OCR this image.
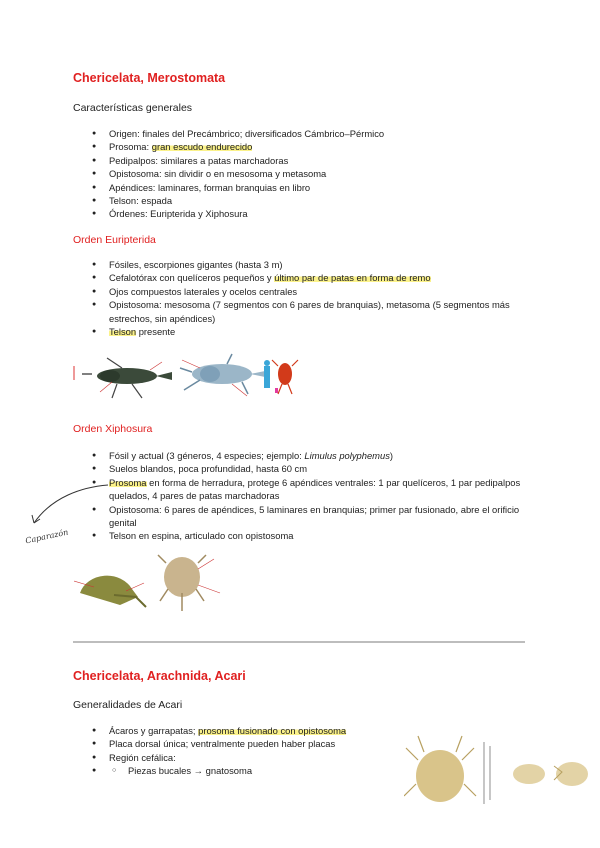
Chericelata, Merostomata
Características generales
● Origen: finales del Precámbrico; diversificados Cámbrico–Pérmico
● Prosoma: gran escudo endurecido
● Pedipalpos: similares a patas marchadoras
● Opistosoma: sin dividir o en mesosoma y metasoma
● Apéndices: laminares, forman branquias en libro
● Telson: espada
● Órdenes: Euripterida y Xiphosura
Orden Euripterida
● Fósiles, escorpiones gigantes (hasta 3 m)
● Cefalotórax con quelíceros pequeños y último par de patas en forma de remo
● Ojos compuestos laterales y ocelos centrales
● Opistosoma: mesosoma (7 segmentos con 6 pares de branquias), metasoma (5 segmentos más estrechos, sin apéndices)
● Telson presente
Orden Xiphosura
● Fósil y actual (3 géneros, 4 especies; ejemplo: Limulus polyphemus)
● Suelos blandos, poca profundidad, hasta 60 cm
● Prosoma en forma de herradura, protege 6 apéndices ventrales: 1 par quelíceros, 1 par pedipalpos quelados, 4 pares de patas marchadoras
● Opistosoma: 6 pares de apéndices, 5 laminares en branquias; primer par fusionado, abre el orificio genital
● Telson en espina, articulado con opistosoma
Caparazón
Chericelata, Arachnida, Acari
Generalidades de Acari
● Ácaros y garrapatas; prosoma fusionado con opistosoma
● Placa dorsal única; ventralmente pueden haber placas
● Región cefálica:
● ○ Piezas bucales → gnatosoma
